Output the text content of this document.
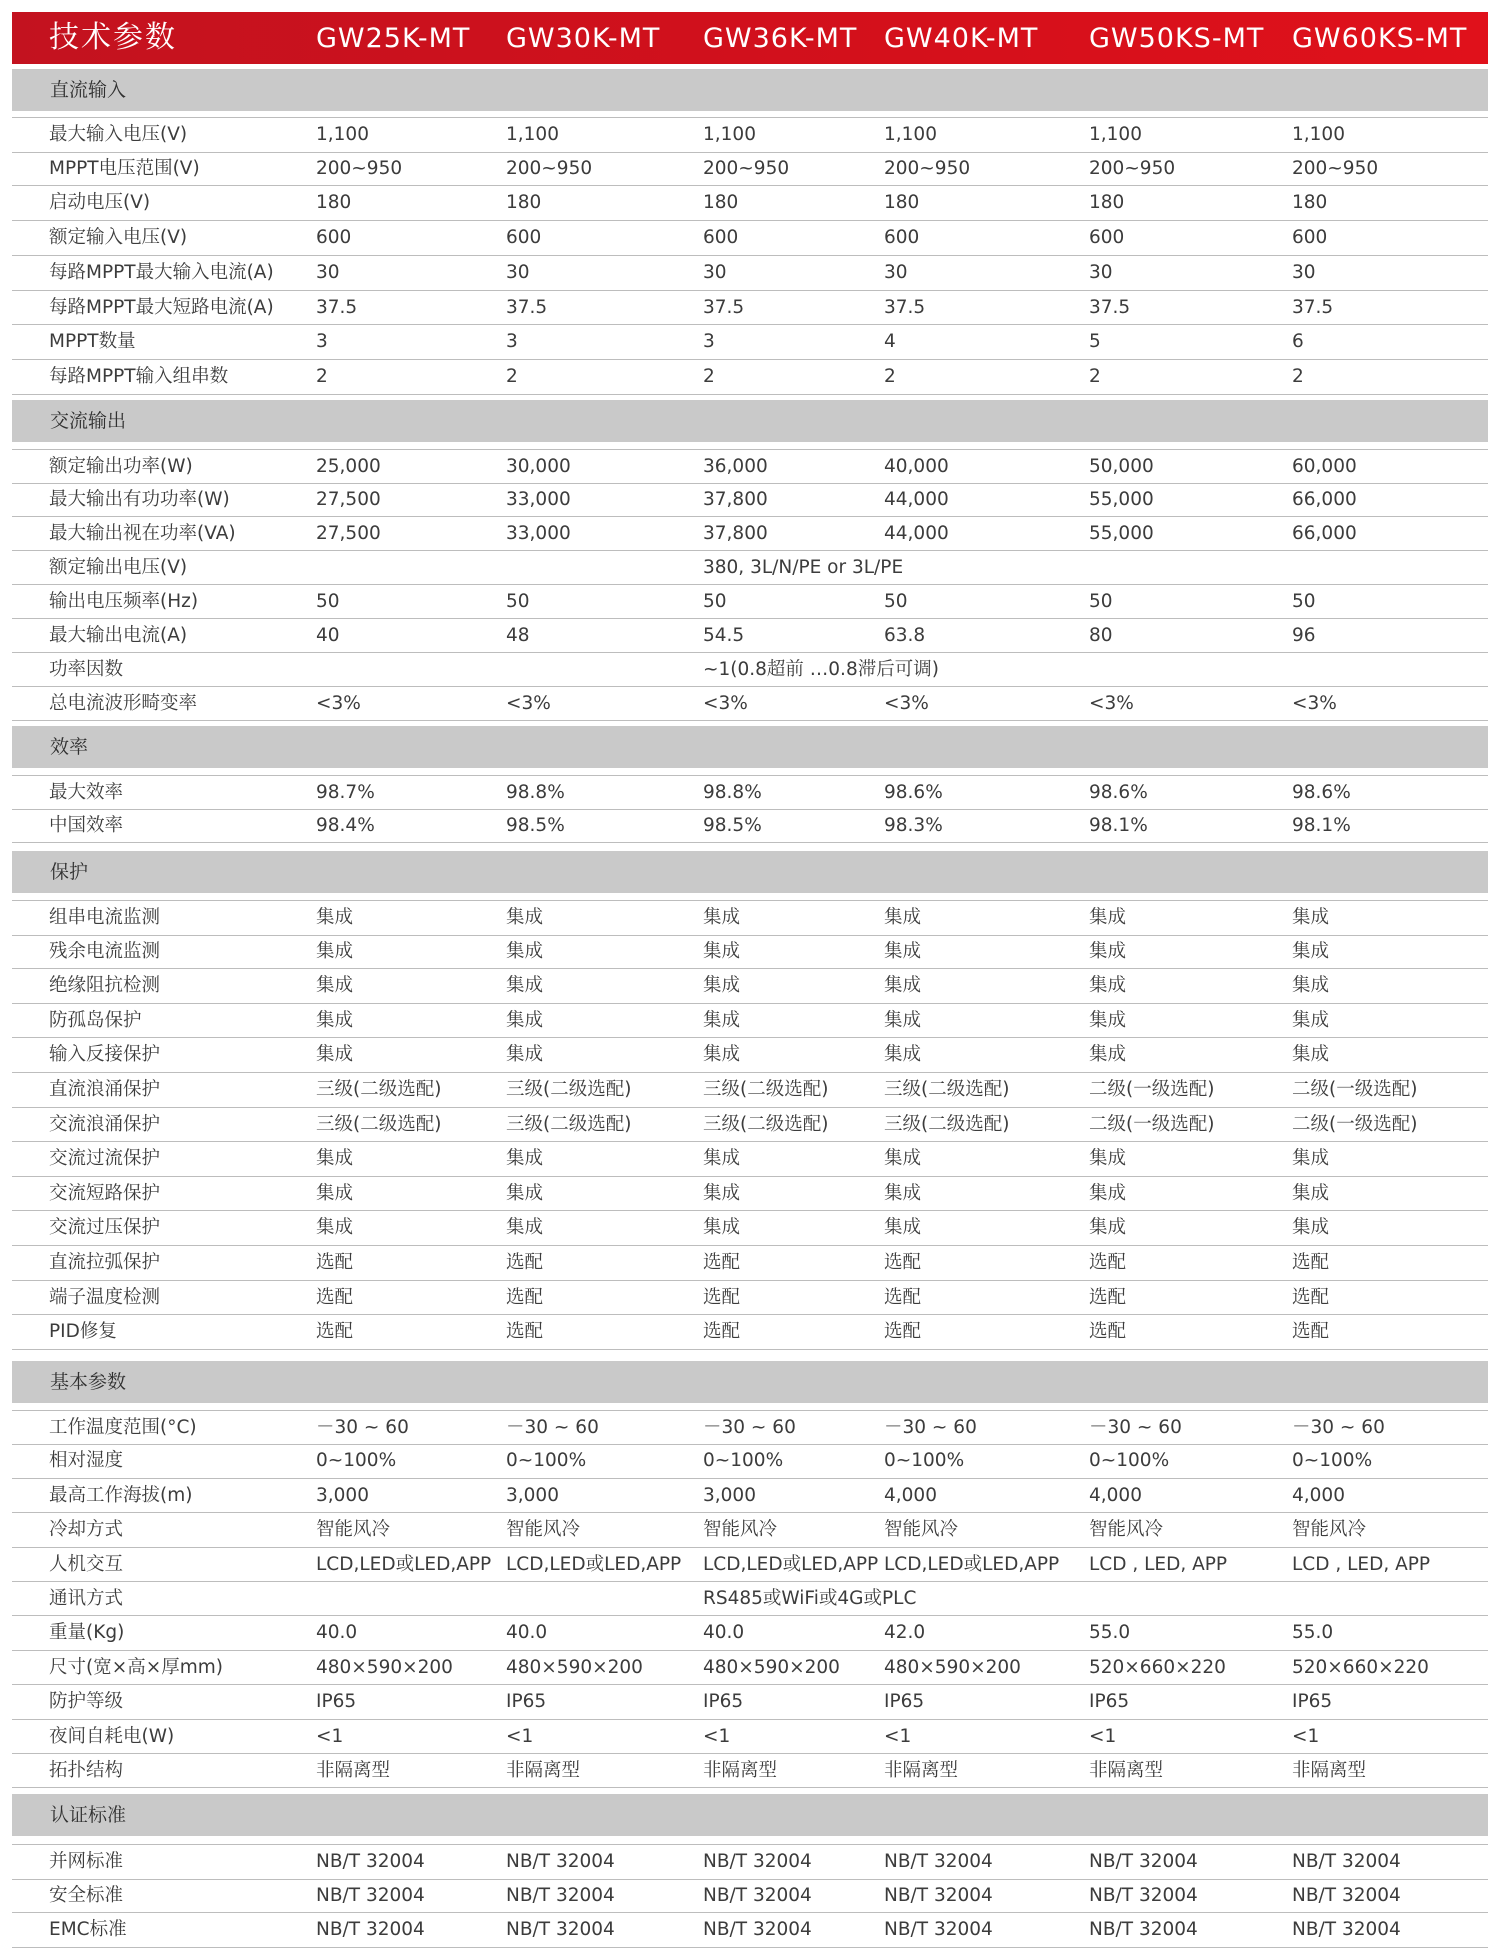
技术参数	GW25K-MT GW30K-MT GW36K-MT GW40K-MT GW50KS-MT GW60KS-MT
直流输入
最大输入电压(V)	1,100	1,100	1,100	1,100	1,100	1,100
MPPT电压范围(V)	200~950	200~950	200~950	200~950	200~950	200~950
启动电压(V)	180	180	180	180	180	180
额定输入电压(V)	600	600	600	600	600	600
每路MPPT最大输入电流(A) 30	30	30	30	30	30
每路MPPT最大短路电流(A) 37.5	37.5	37.5	37.5	37.5	37.5
MPPT数量	3	3	3	4	5	6
每路MPPT输入组串数	2	2	2	2	2	2
交流输出
额定输出功率(W)	25,000	30,000	36,000	40,000	50,000	60,000
最大输出有功功率(W)	27,500	33,000	37,800	44,000	55,000	66,000
最大输出视在功率(VA)	27,500	33,000	37,800	44,000	55,000	66,000
额定输出电压(V)	380, 3L/N/PE or 3L/PE
输出电压频率(Hz)	50	50	50	50	50	50
最大输出电流(A)	40	48	54.5	63.8	80	96
功率因数	~1(0.8超前 …0.8滞后可调)
总电流波形畸变率	<3%	<3%	<3%	<3%	<3%	<3%
效率
最大效率	98.7%	98.8%	98.8%	98.6%	98.6%	98.6%
中国效率	98.4%	98.5%	98.5%	98.3%	98.1%	98.1%
保护
组串电流监测	集成	集成	集成	集成	集成	集成
残余电流监测	集成	集成	集成	集成	集成	集成
绝缘阻抗检测	集成	集成	集成	集成	集成	集成
防孤岛保护	集成	集成	集成	集成	集成	集成
输入反接保护	集成	集成	集成	集成	集成	集成
直流浪涌保护	三级(二级选配)	三级(二级选配)	三级(二级选配)	三级(二级选配)	二级(一级选配)	二级(一级选配)
交流浪涌保护	三级(二级选配)	三级(二级选配)	三级(二级选配)	三级(二级选配)	二级(一级选配)	二级(一级选配)
交流过流保护	集成	集成	集成	集成	集成	集成
交流短路保护	集成	集成	集成	集成	集成	集成
交流过压保护	集成	集成	集成	集成	集成	集成
直流拉弧保护	选配	选配	选配	选配	选配	选配
端子温度检测	选配	选配	选配	选配	选配	选配
PID修复	选配	选配	选配	选配	选配	选配
基本参数
工作温度范围(°C)	－30 ~ 60	－30 ~ 60	－30 ~ 60	－30 ~ 60	－30 ~ 60	－30 ~ 60
相对湿度	0~100%	0~100%	0~100%	0~100%	0~100%	0~100%
最高工作海拔(m)	3,000	3,000	3,000	4,000	4,000	4,000
冷却方式	智能风冷	智能风冷	智能风冷	智能风冷	智能风冷	智能风冷
人机交互	LCD,LED或LED,APP LCD,LED或LED,APP LCD,LED或LED,APP LCD,LED或LED,APP LCD , LED, APP	LCD , LED, APP
通讯方式	RS485或WiFi或4G或PLC
重量(Kg)	40.0	40.0	40.0	42.0	55.0	55.0
尺寸(宽×高×厚mm)	480×590×200	480×590×200	480×590×200 480×590×200	520×660×220	520×660×220
防护等级	IP65	IP65	IP65	IP65	IP65	IP65
夜间自耗电(W)	<1	<1	<1	<1	<1	<1
拓扑结构	非隔离型	非隔离型	非隔离型	非隔离型	非隔离型	非隔离型
认证标准
并网标准	NB/T 32004	NB/T 32004	NB/T 32004	NB/T 32004	NB/T 32004	NB/T 32004
安全标准	NB/T 32004	NB/T 32004	NB/T 32004	NB/T 32004	NB/T 32004	NB/T 32004
EMC标准	NB/T 32004	NB/T 32004	NB/T 32004	NB/T 32004	NB/T 32004	NB/T 32004
